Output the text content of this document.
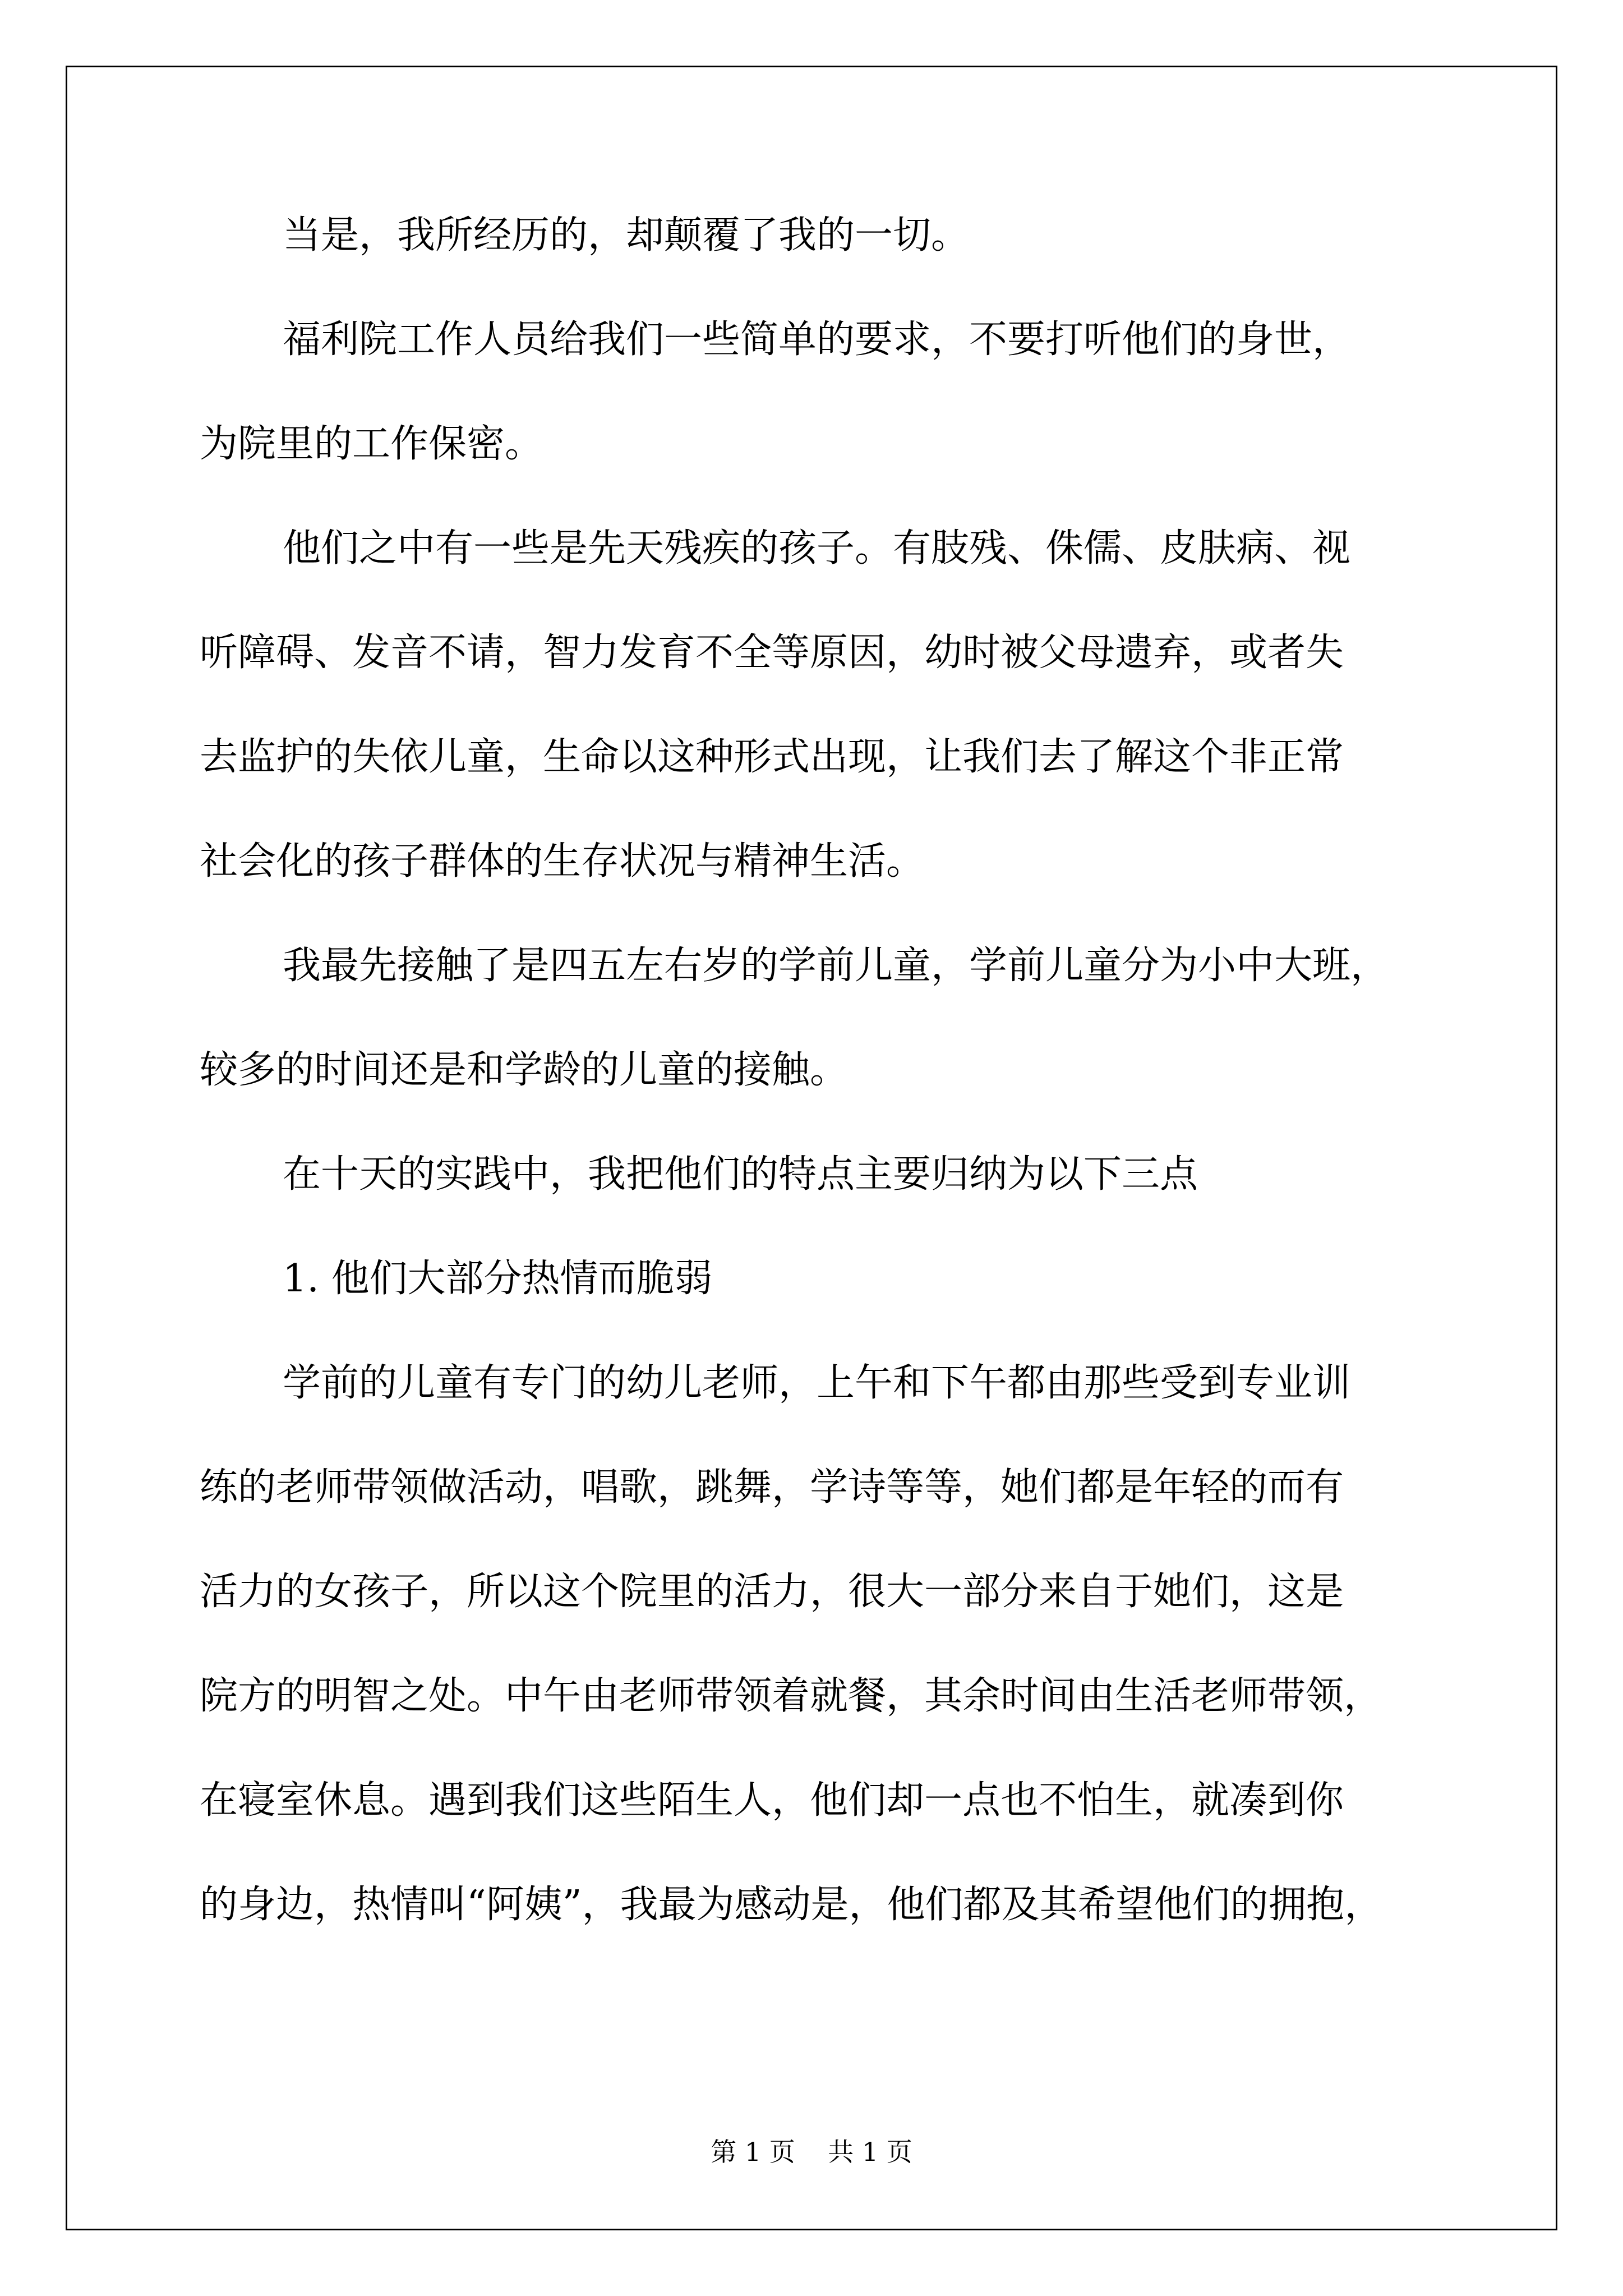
当是，我所经历的，却颠覆了我的一切。
福利院工作人员给我们一些简单的要求，不要打听他们的身世，
为院里的工作保密。
他们之中有一些是先天残疾的孩子。有肢残、侏儒、皮肤病、视
听障碍、发音不请，智力发育不全等原因，幼时被父母遗弃，或者失
去监护的失依儿童，生命以这种形式出现，让我们去了解这个非正常
社会化的孩子群体的生存状况与精神生活。
我最先接触了是四五左右岁的学前儿童，学前儿童分为小中大班，
较多的时间还是和学龄的儿童的接触。
在十天的实践中，我把他们的特点主要归纳为以下三点
1. 他们大部分热情而脆弱
学前的儿童有专门的幼儿老师，上午和下午都由那些受到专业训
练的老师带领做活动，唱歌，跳舞，学诗等等，她们都是年轻的而有
活力的女孩子，所以这个院里的活力，很大一部分来自于她们，这是
院方的明智之处。中午由老师带领着就餐，其余时间由生活老师带领，
在寝室休息。遇到我们这些陌生人，他们却一点也不怕生，就凑到你
的身边，热情叫“阿姨”，我最为感动是，他们都及其希望他们的拥抱，
第 1 页    共 1 页
